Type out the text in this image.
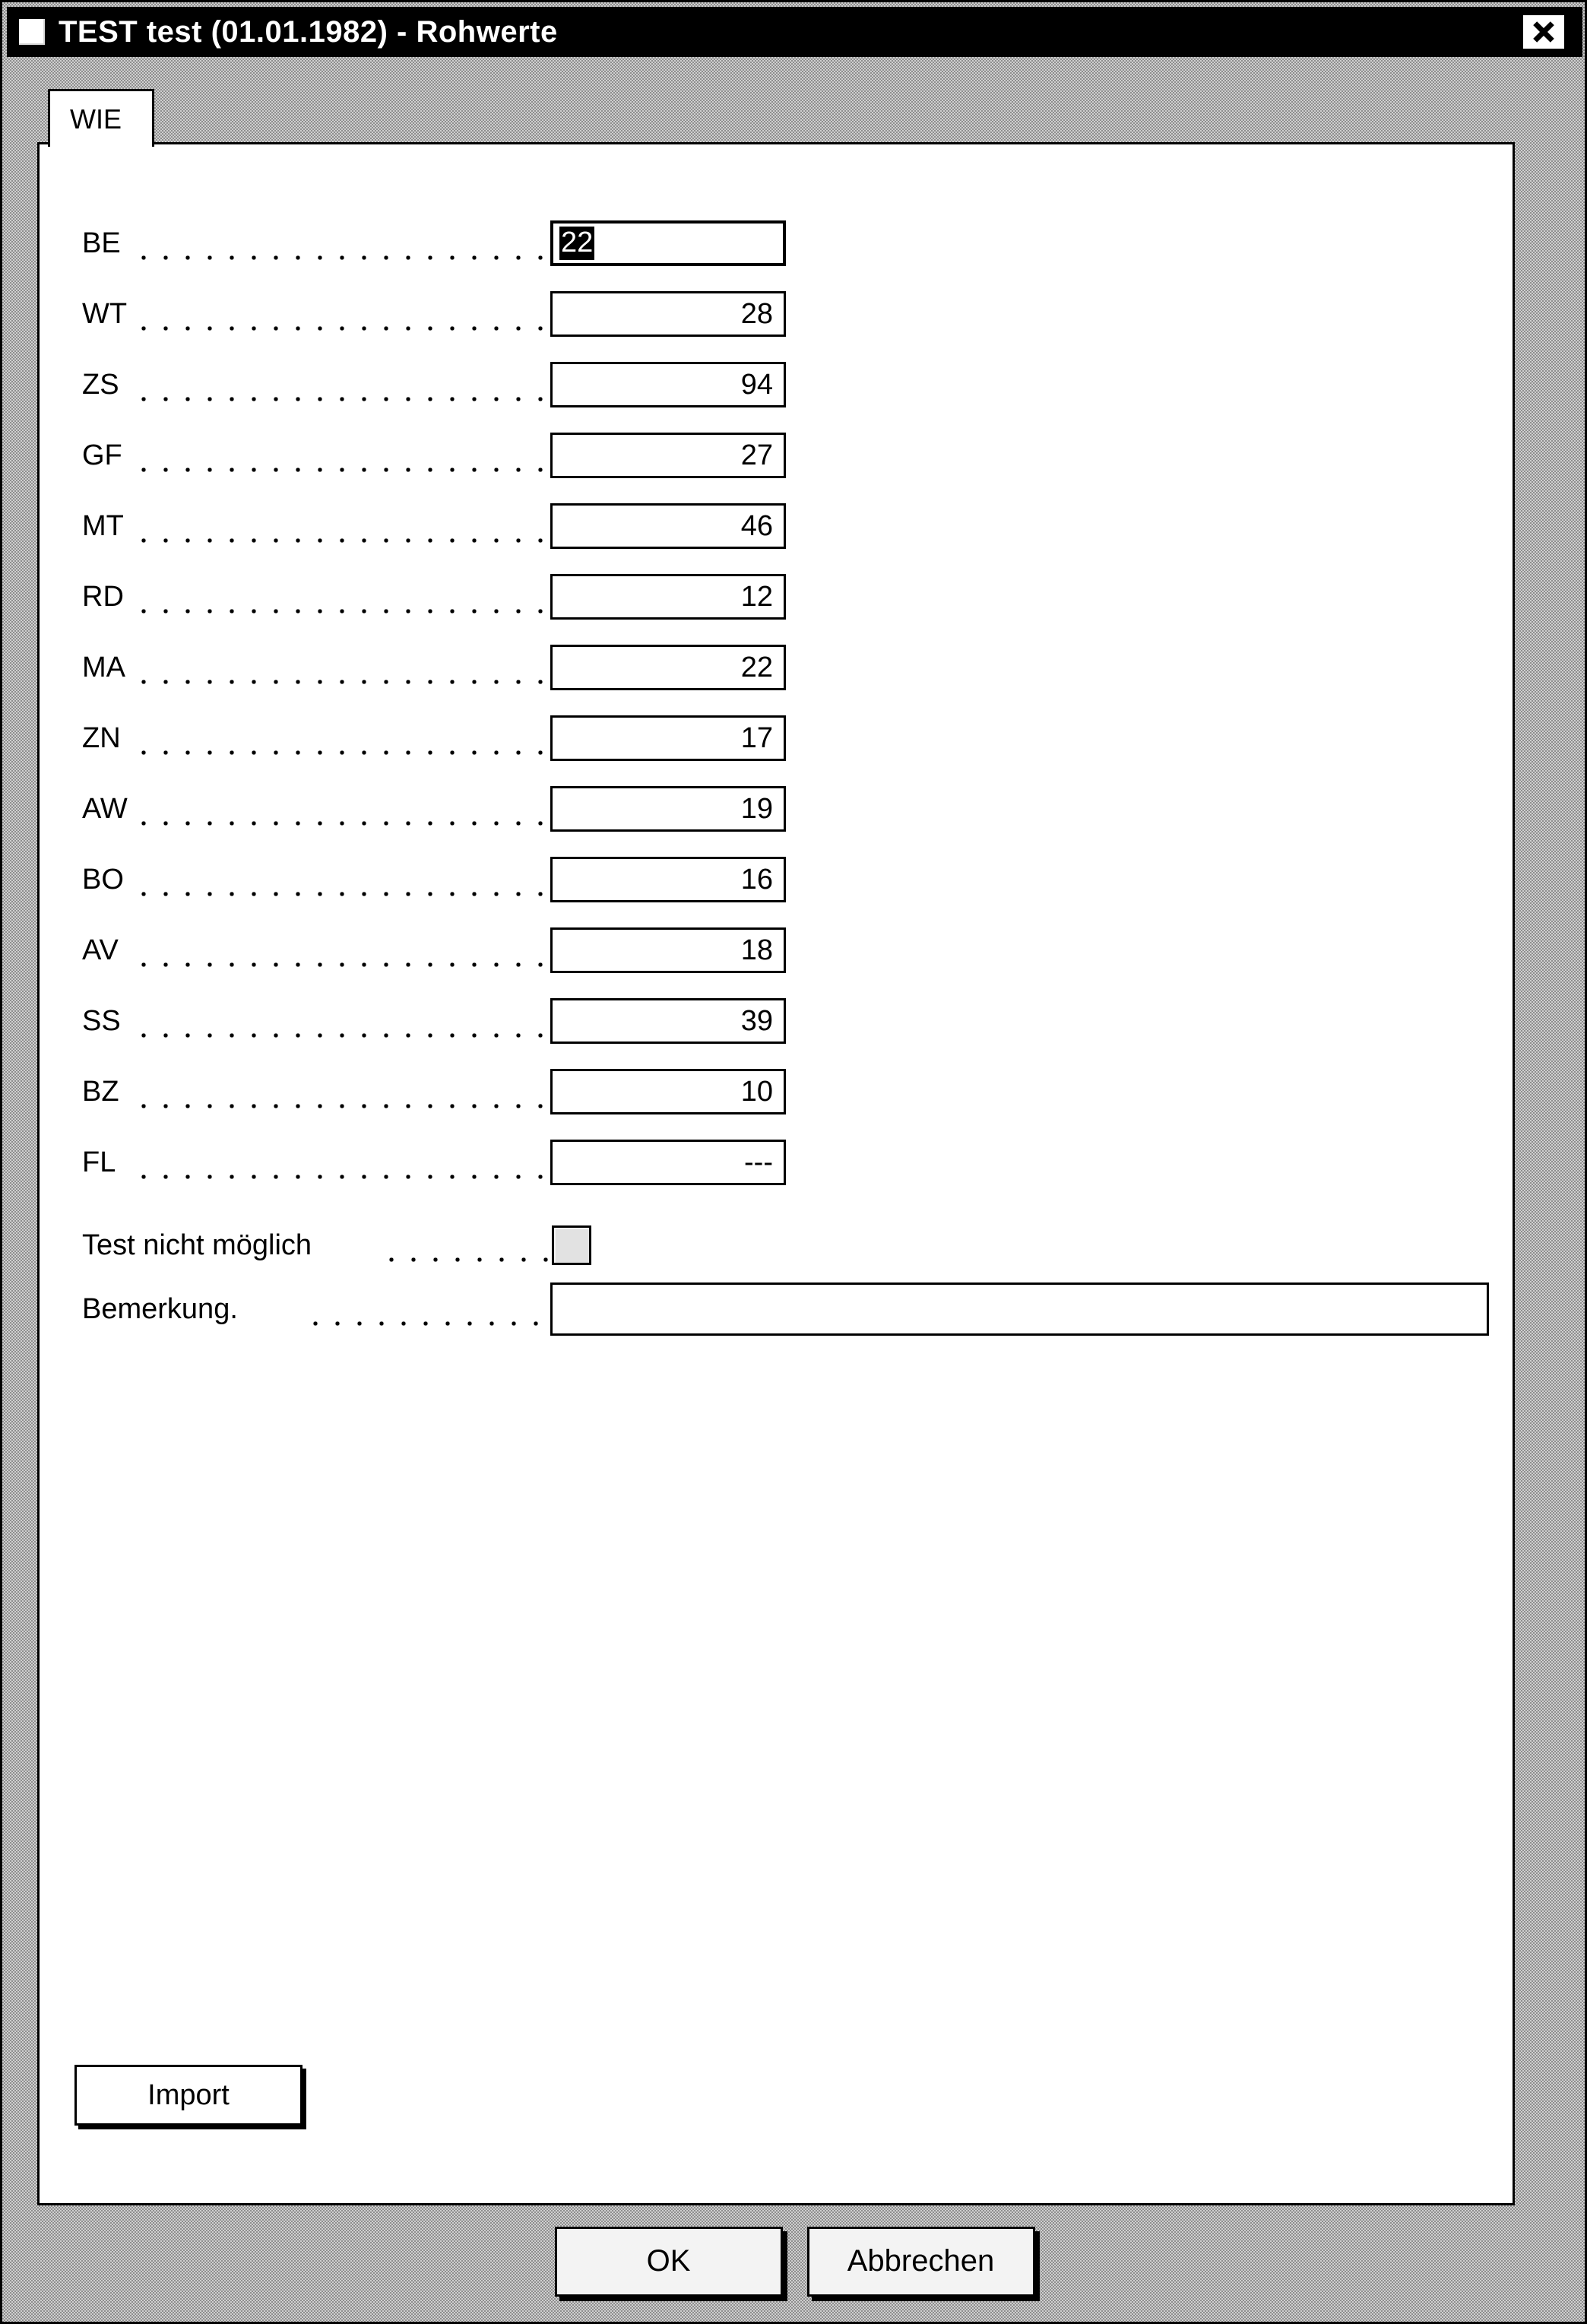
TEST test (01.01.1982) - Rohwerte
WIE
BE	22
WT	28
ZS	94
GF	27
MT	46
RD	12
MA	22
ZN	17
AW	19
BO	16
AV	18
SS	39
BZ	10
FL	---
Test nicht möglich
Bemerkung.
Import
OK	Abbrechen
